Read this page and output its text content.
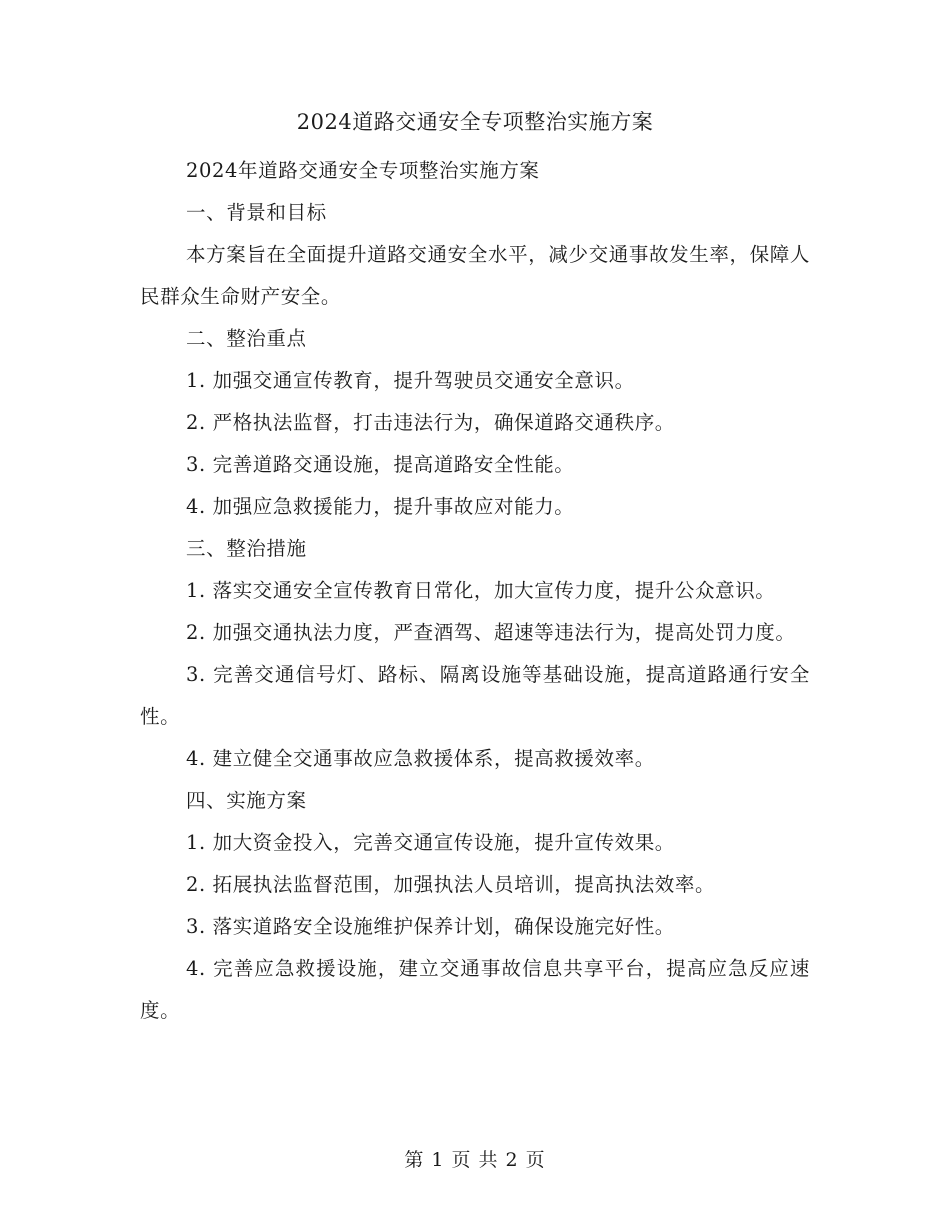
2024道路交通安全专项整治实施方案

2024年道路交通安全专项整治实施方案

一、背景和目标

本方案旨在全面提升道路交通安全水平，减少交通事故发生率，保障人民群众生命财产安全。

二、整治重点

1. 加强交通宣传教育，提升驾驶员交通安全意识。

2. 严格执法监督，打击违法行为，确保道路交通秩序。

3. 完善道路交通设施，提高道路安全性能。

4. 加强应急救援能力，提升事故应对能力。

三、整治措施

1. 落实交通安全宣传教育日常化，加大宣传力度，提升公众意识。

2. 加强交通执法力度，严查酒驾、超速等违法行为，提高处罚力度。

3. 完善交通信号灯、路标、隔离设施等基础设施，提高道路通行安全性。

4. 建立健全交通事故应急救援体系，提高救援效率。

四、实施方案

1. 加大资金投入，完善交通宣传设施，提升宣传效果。

2. 拓展执法监督范围，加强执法人员培训，提高执法效率。

3. 落实道路安全设施维护保养计划，确保设施完好性。

4. 完善应急救援设施，建立交通事故信息共享平台，提高应急反应速度。

第 1 页 共 2 页
